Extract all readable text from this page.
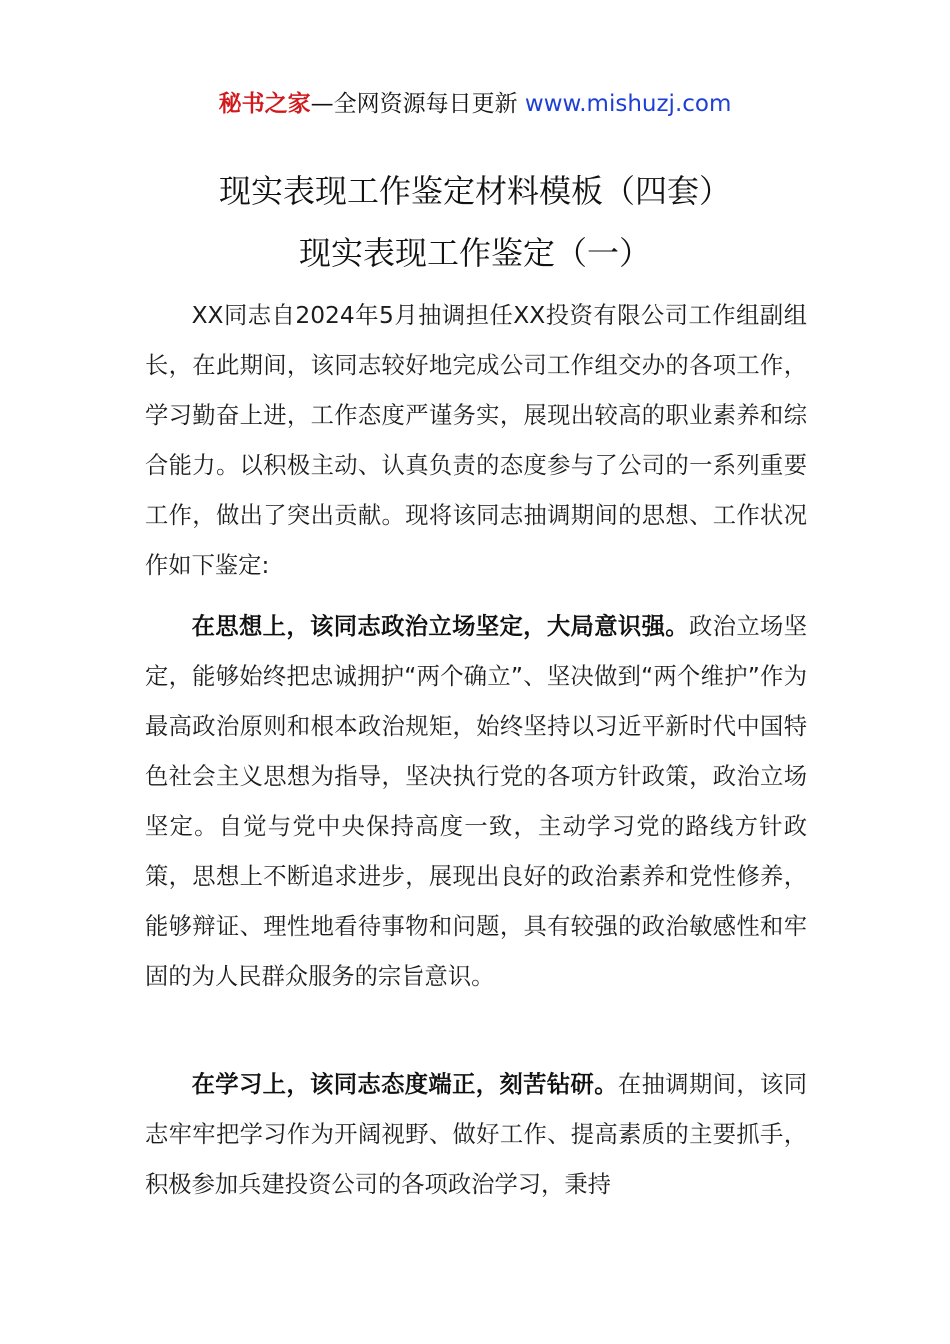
秘书之家—全网资源每日更新 www.mishuzj.com
现实表现工作鉴定材料模板（四套）
现实表现工作鉴定（一）

XX同志自2024年5月抽调担任XX投资有限公司工作组副组长，在此期间，该同志较好地完成公司工作组交办的各项工作，学习勤奋上进，工作态度严谨务实，展现出较高的职业素养和综合能力。以积极主动、认真负责的态度参与了公司的一系列重要工作，做出了突出贡献。现将该同志抽调期间的思想、工作状况作如下鉴定:

在思想上，该同志政治立场坚定，大局意识强。政治立场坚定，能够始终把忠诚拥护“两个确立”、坚决做到“两个维护”作为最高政治原则和根本政治规矩，始终坚持以习近平新时代中国特色社会主义思想为指导，坚决执行党的各项方针政策，政治立场坚定。自觉与党中央保持高度一致，主动学习党的路线方针政策，思想上不断追求进步，展现出良好的政治素养和党性修养，能够辩证、理性地看待事物和问题，具有较强的政治敏感性和牢固的为人民群众服务的宗旨意识。

在学习上，该同志态度端正，刻苦钻研。在抽调期间，该同志牢牢把学习作为开阔视野、做好工作、提高素质的主要抓手，积极参加兵建投资公司的各项政治学习，秉持
